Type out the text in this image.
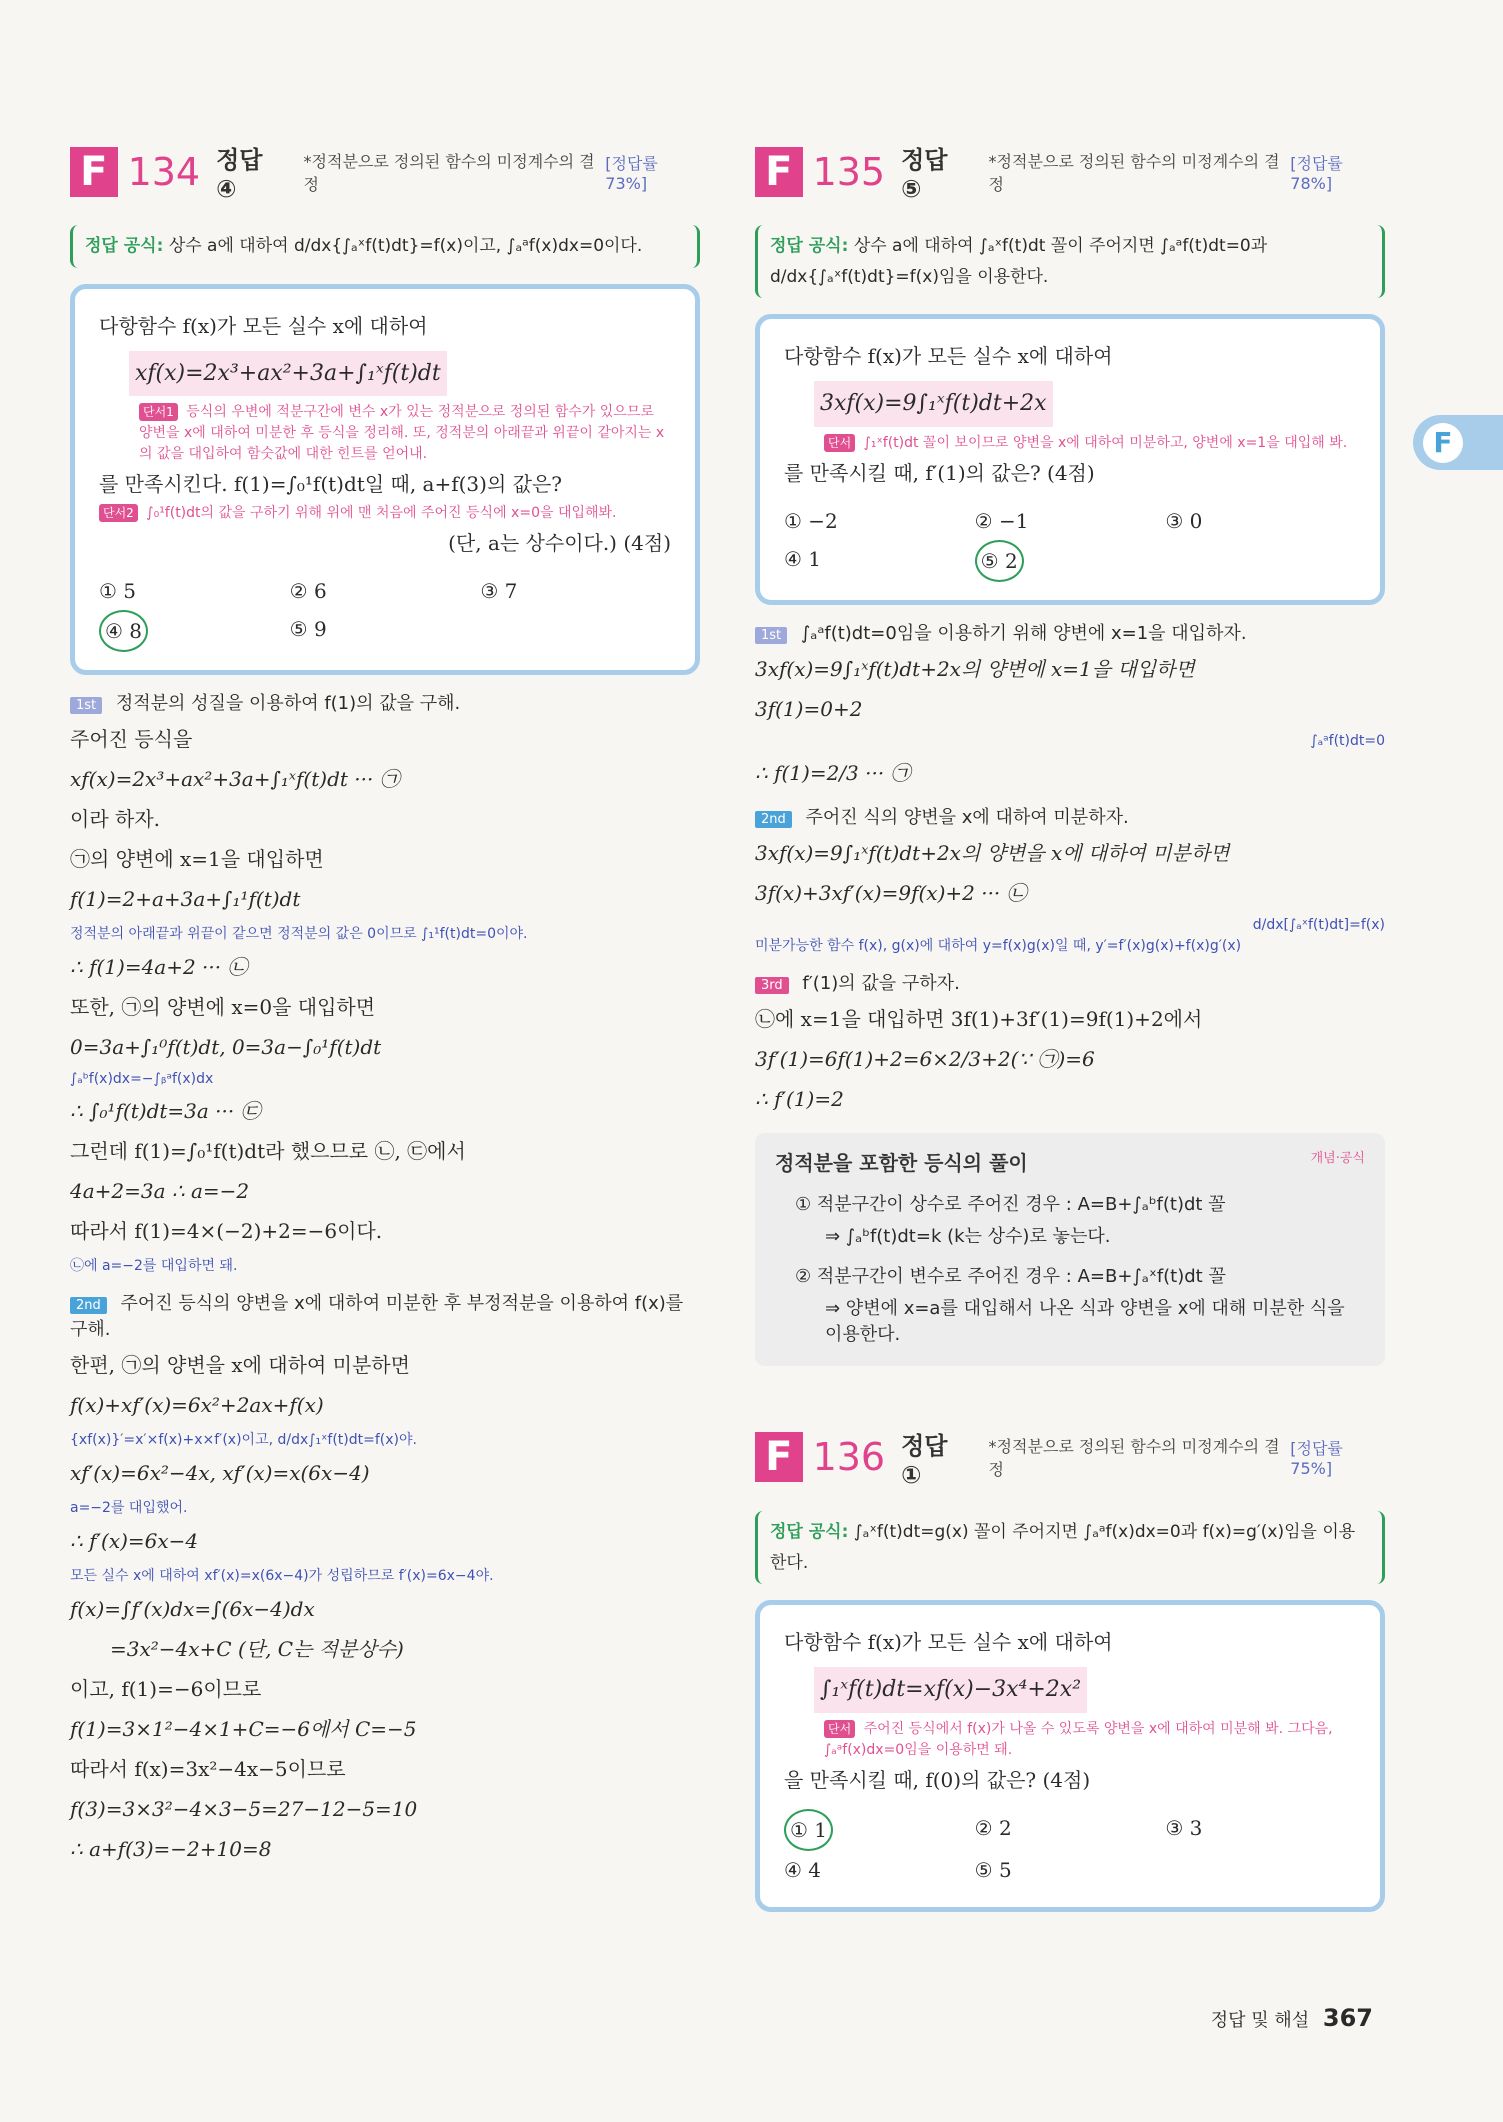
F 134 정답 ④
*정적분으로 정의된 함수의 미정계수의 결정
[정답률 73%]
정답 공식: 상수 a에 대하여 d/dx{∫ₐˣf(t)dt}=f(x)이고, ∫ₐᵃf(x)dx=0이다.
다항함수 f(x)가 모든 실수 x에 대하여
xf(x)=2x³+ax²+3a+∫₁ˣf(t)dt
단서1 등식의 우변에 적분구간에 변수 x가 있는 정적분으로 정의된 함수가 있으므로 양변을 x에 대하여 미분한 후 등식을 정리해. 또, 정적분의 아래끝과 위끝이 같아지는 x의 값을 대입하여 함숫값에 대한 힌트를 얻어내.
를 만족시킨다. f(1)=∫₀¹f(t)dt일 때, a+f(3)의 값은?
단서2 ∫₀¹f(t)dt의 값을 구하기 위해 위에 맨 처음에 주어진 등식에 x=0을 대입해봐.
(단, a는 상수이다.) (4점)
① 5	② 6	③ 7
④ 8	⑤ 9
1st 정적분의 성질을 이용하여 f(1)의 값을 구해.
주어진 등식을
xf(x)=2x³+ax²+3a+∫₁ˣf(t)dt ··· ㉠
이라 하자.
㉠의 양변에 x=1을 대입하면
f(1)=2+a+3a+∫₁¹f(t)dt
정적분의 아래끝과 위끝이 같으면 정적분의 값은 0이므로 ∫₁¹f(t)dt=0이야.
∴ f(1)=4a+2 ··· ㉡
또한, ㉠의 양변에 x=0을 대입하면
0=3a+∫₁⁰f(t)dt, 0=3a−∫₀¹f(t)dt
∫ₐᵇf(x)dx=−∫ᵦᵃf(x)dx
∴ ∫₀¹f(t)dt=3a ··· ㉢
그런데 f(1)=∫₀¹f(t)dt라 했으므로 ㉡, ㉢에서
4a+2=3a ∴ a=−2
따라서 f(1)=4×(−2)+2=−6이다.
㉡에 a=−2를 대입하면 돼.
2nd 주어진 등식의 양변을 x에 대하여 미분한 후 부정적분을 이용하여 f(x)를 구해.
한편, ㉠의 양변을 x에 대하여 미분하면
f(x)+xf′(x)=6x²+2ax+f(x)
{xf(x)}′=x′×f(x)+x×f′(x)이고, d/dx∫₁ˣf(t)dt=f(x)야.
xf′(x)=6x²−4x, xf′(x)=x(6x−4)
a=−2를 대입했어.
∴ f′(x)=6x−4
모든 실수 x에 대하여 xf′(x)=x(6x−4)가 성립하므로 f′(x)=6x−4야.
f(x)=∫f′(x)dx=∫(6x−4)dx
=3x²−4x+C (단, C는 적분상수)
이고, f(1)=−6이므로
f(1)=3×1²−4×1+C=−6에서 C=−5
따라서 f(x)=3x²−4x−5이므로
f(3)=3×3²−4×3−5=27−12−5=10
∴ a+f(3)=−2+10=8
F 135 정답 ⑤
*정적분으로 정의된 함수의 미정계수의 결정
[정답률 78%]
정답 공식: 상수 a에 대하여 ∫ₐˣf(t)dt 꼴이 주어지면 ∫ₐᵃf(t)dt=0과 d/dx{∫ₐˣf(t)dt}=f(x)임을 이용한다.
다항함수 f(x)가 모든 실수 x에 대하여
3xf(x)=9∫₁ˣf(t)dt+2x
단서 ∫₁ˣf(t)dt 꼴이 보이므로 양변을 x에 대하여 미분하고, 양변에 x=1을 대입해 봐.
를 만족시킬 때, f′(1)의 값은? (4점)
① −2	② −1	③ 0
④ 1	⑤ 2
1st ∫ₐᵃf(t)dt=0임을 이용하기 위해 양변에 x=1을 대입하자.
3xf(x)=9∫₁ˣf(t)dt+2x의 양변에 x=1을 대입하면
3f(1)=0+2
∫ₐᵃf(t)dt=0
∴ f(1)=2/3 ··· ㉠
2nd 주어진 식의 양변을 x에 대하여 미분하자.
3xf(x)=9∫₁ˣf(t)dt+2x의 양변을 x에 대하여 미분하면
3f(x)+3xf′(x)=9f(x)+2 ··· ㉡
d/dx[∫ₐˣf(t)dt]=f(x)
미분가능한 함수 f(x), g(x)에 대하여 y=f(x)g(x)일 때, y′=f′(x)g(x)+f(x)g′(x)
3rd f′(1)의 값을 구하자.
㉡에 x=1을 대입하면 3f(1)+3f′(1)=9f(1)+2에서
3f′(1)=6f(1)+2=6×2/3+2(∵ ㉠)=6
∴ f′(1)=2
정적분을 포함한 등식의 풀이	개념·공식
① 적분구간이 상수로 주어진 경우 : A=B+∫ₐᵇf(t)dt 꼴
⇒ ∫ₐᵇf(t)dt=k (k는 상수)로 놓는다.
② 적분구간이 변수로 주어진 경우 : A=B+∫ₐˣf(t)dt 꼴
⇒ 양변에 x=a를 대입해서 나온 식과 양변을 x에 대해 미분한 식을 이용한다.
F 136 정답 ①
*정적분으로 정의된 함수의 미정계수의 결정
[정답률 75%]
정답 공식: ∫ₐˣf(t)dt=g(x) 꼴이 주어지면 ∫ₐᵃf(x)dx=0과 f(x)=g′(x)임을 이용한다.
다항함수 f(x)가 모든 실수 x에 대하여
∫₁ˣf(t)dt=xf(x)−3x⁴+2x²
단서 주어진 등식에서 f(x)가 나올 수 있도록 양변을 x에 대하여 미분해 봐. 그다음, ∫ₐᵃf(x)dx=0임을 이용하면 돼.
을 만족시킬 때, f(0)의 값은? (4점)
① 1	② 2	③ 3
④ 4	⑤ 5
F
정답 및 해설 367
